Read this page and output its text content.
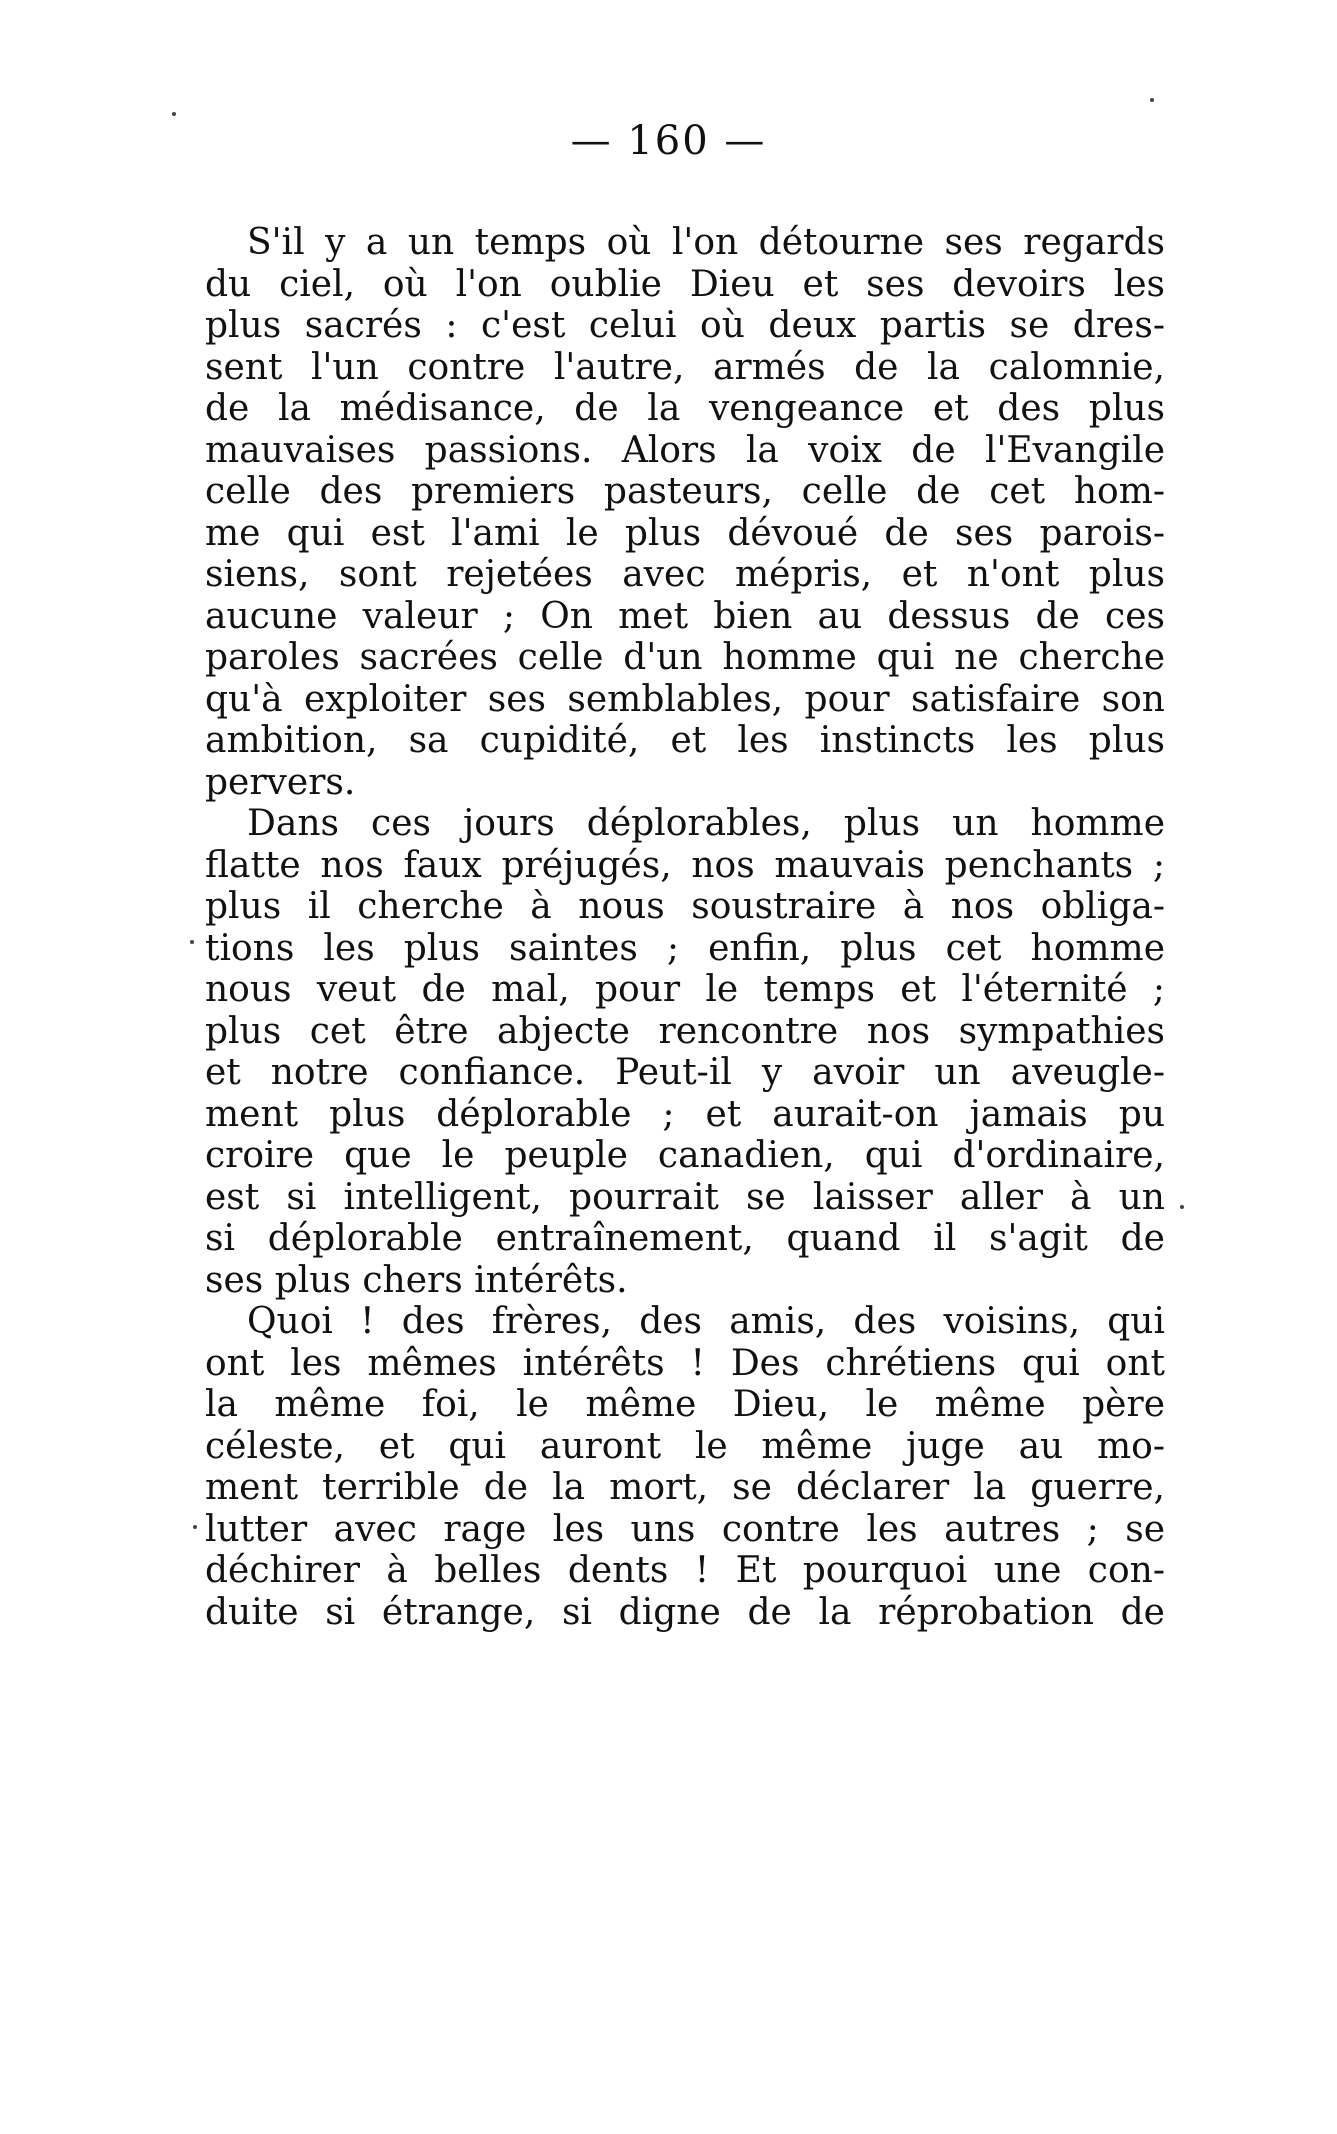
— 160 —
S'il y a un temps où l'on détourne ses regards
du ciel, où l'on oublie Dieu et ses devoirs les
plus sacrés : c'est celui où deux partis se dres-
sent l'un contre l'autre, armés de la calomnie,
de la médisance, de la vengeance et des plus
mauvaises passions. Alors la voix de l'Evangile
celle des premiers pasteurs, celle de cet hom-
me qui est l'ami le plus dévoué de ses parois-
siens, sont rejetées avec mépris, et n'ont plus
aucune valeur ; On met bien au dessus de ces
paroles sacrées celle d'un homme qui ne cherche
qu'à exploiter ses semblables, pour satisfaire son
ambition, sa cupidité, et les instincts les plus
pervers.
Dans ces jours déplorables, plus un homme
flatte nos faux préjugés, nos mauvais penchants ;
plus il cherche à nous soustraire à nos obliga-
tions les plus saintes ; enfin, plus cet homme
nous veut de mal, pour le temps et l'éternité ;
plus cet être abjecte rencontre nos sympathies
et notre confiance. Peut-il y avoir un aveugle-
ment plus déplorable ; et aurait-on jamais pu
croire que le peuple canadien, qui d'ordinaire,
est si intelligent, pourrait se laisser aller à un
si déplorable entraînement, quand il s'agit de
ses plus chers intérêts.
Quoi ! des frères, des amis, des voisins, qui
ont les mêmes intérêts ! Des chrétiens qui ont
la même foi, le même Dieu, le même père
céleste, et qui auront le même juge au mo-
ment terrible de la mort, se déclarer la guerre,
lutter avec rage les uns contre les autres ; se
déchirer à belles dents ! Et pourquoi une con-
duite si étrange, si digne de la réprobation de
